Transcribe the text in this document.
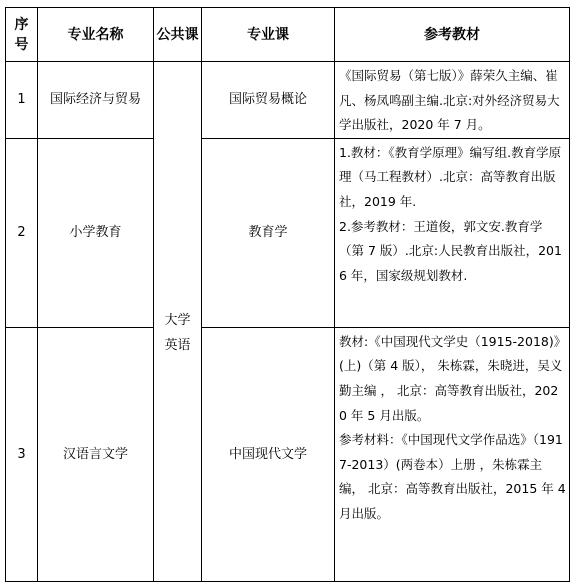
序号	专业名称	公共课	专业课	参考教材
1	国际经济与贸易	大学英语	国际贸易概论	《国际贸易（第七版）》薛荣久主编、崔凡、杨凤鸣副主编.北京:对外经济贸易大学出版社，2020 年 7 月。

2	小学教育		教育学	1.教材：《教育学原理》编写组.教育学原理（马工程教材）.北京：高等教育出版社，2019 年.

2.参考教材：王道俊，郭文安.教育学（第 7 版）.北京:人民教育出版社，2016 年，国家级规划教材.

3	汉语言文学		中国现代文学	教材:《中国现代文学史（1915-2018)》(上)（第 4 版）， 朱栋霖，朱晓进，吴义勤主编 ， 北京：高等教育出版社，2020 年 5 月出版。

参考材料：《中国现代文学作品选》（1917-2013）(两卷本）上册 ，朱栋霖主编， 北京：高等教育出版社，2015 年 4 月出版。
